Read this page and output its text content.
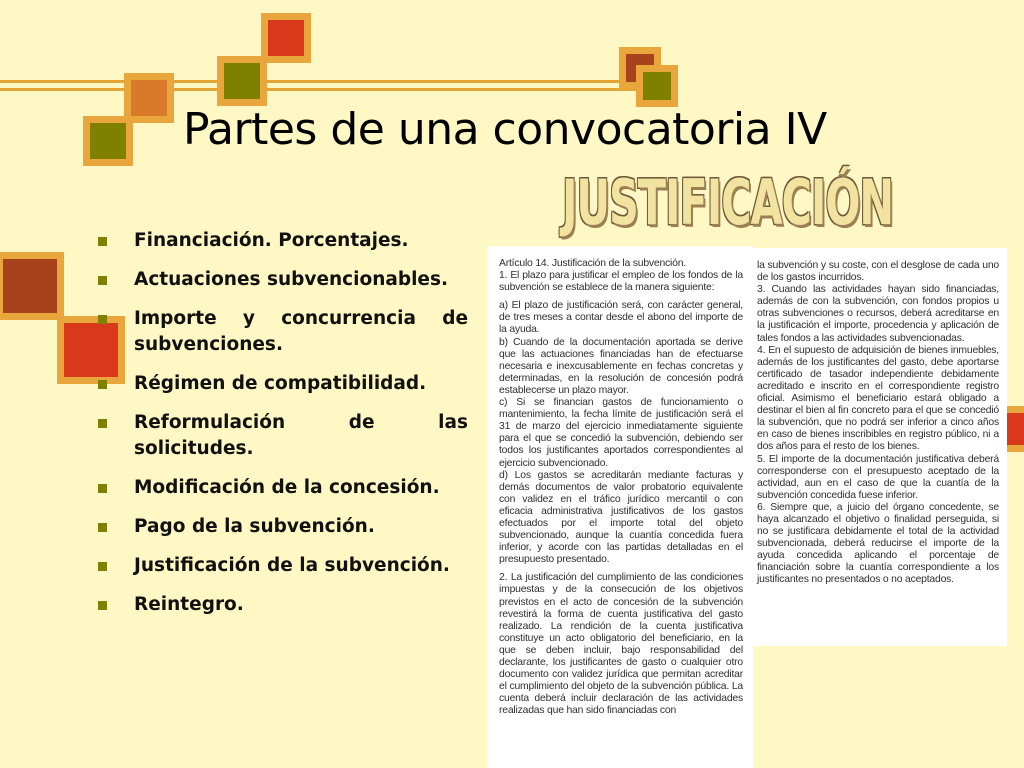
Partes de una convocatoria IV
JUSTIFICACIÓN
Financiación. Porcentajes.
Actuaciones subvencionables.
Importe y concurrencia de subvenciones.
Régimen de compatibilidad.
Reformulación de las solicitudes.
Modificación de la concesión.
Pago de la subvención.
Justificación de la subvención.
Reintegro.

Artículo 14. Justificación de la subvención.

1. El plazo para justificar el empleo de los fondos de la subvención se establece de la manera siguiente:

a) El plazo de justificación será, con carácter general, de tres meses a contar desde el abono del importe de la ayuda.

b) Cuando de la documentación aportada se derive que las actuaciones financiadas han de efectuarse necesaria e inexcusablemente en fechas concretas y determinadas, en la resolución de concesión podrá establecerse un plazo mayor.

c) Si se financian gastos de funcionamiento o mantenimiento, la fecha límite de justificación será el 31 de marzo del ejercicio inmediatamente siguiente para el que se concedió la subvención, debiendo ser todos los justificantes aportados correspondientes al ejercicio subvencionado.

d) Los gastos se acreditarán mediante facturas y demás documentos de valor probatorio equivalente con validez en el tráfico jurídico mercantil o con eficacia administrativa justificativos de los gastos efectuados por el importe total del objeto subvencionado, aunque la cuantía concedida fuera inferior, y acorde con las partidas detalladas en el presupuesto presentado.

2. La justificación del cumplimiento de las condiciones impuestas y de la consecución de los objetivos previstos en el acto de concesión de la subvención revestirá la forma de cuenta justificativa del gasto realizado. La rendición de la cuenta justificativa constituye un acto obligatorio del beneficiario, en la que se deben incluir, bajo responsabilidad del declarante, los justificantes de gasto o cualquier otro documento con validez jurídica que permitan acreditar el cumplimiento del objeto de la subvención pública. La cuenta deberá incluir declaración de las actividades realizadas que han sido financiadas con

la subvención y su coste, con el desglose de cada uno de los gastos incurridos.

3. Cuando las actividades hayan sido financiadas, además de con la subvención, con fondos propios u otras subvenciones o recursos, deberá acreditarse en la justificación el importe, procedencia y aplicación de tales fondos a las actividades subvencionadas.

4. En el supuesto de adquisición de bienes inmuebles, además de los justificantes del gasto, debe aportarse certificado de tasador independiente debidamente acreditado e inscrito en el correspondiente registro oficial. Asimismo el beneficiario estará obligado a destinar el bien al fin concreto para el que se concedió la subvención, que no podrá ser inferior a cinco años en caso de bienes inscribibles en registro público, ni a dos años para el resto de los bienes.

5. El importe de la documentación justificativa deberá corresponderse con el presupuesto aceptado de la actividad, aun en el caso de que la cuantía de la subvención concedida fuese inferior.

6. Siempre que, a juicio del órgano concedente, se haya alcanzado el objetivo o finalidad perseguida, si no se justificara debidamente el total de la actividad subvencionada, deberá reducirse el importe de la ayuda concedida aplicando el porcentaje de financiación sobre la cuantía correspondiente a los justificantes no presentados o no aceptados.
